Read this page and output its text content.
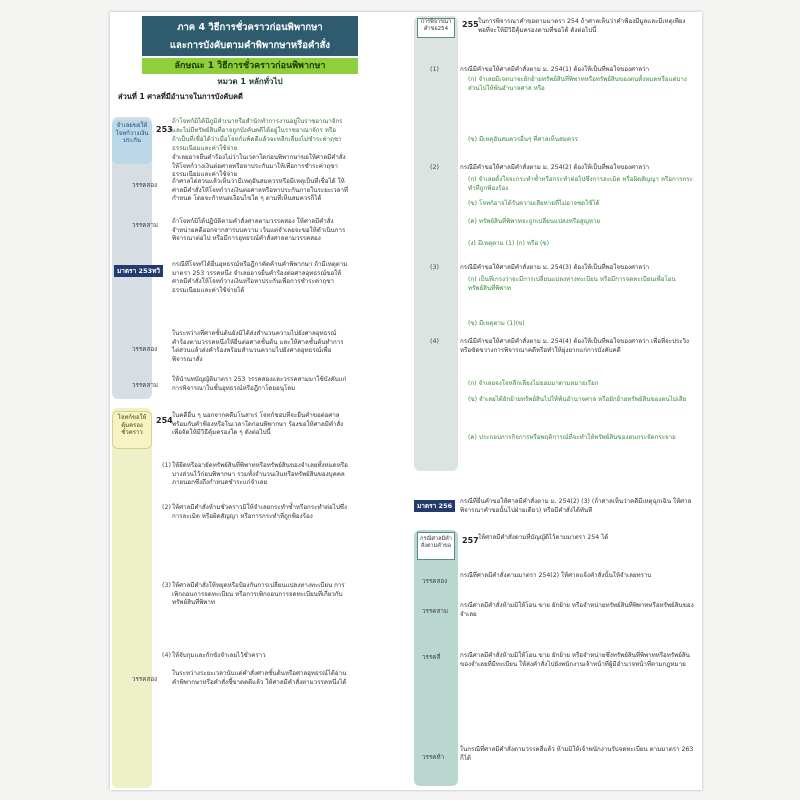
ภาค 4 วิธีการชั่วคราวก่อนพิพากษา
และการบังคับตามคำพิพากษาหรือคำสั่ง
ลักษณะ 1 วิธีการชั่วคราวก่อนพิพากษา
หมวด 1 หลักทั่วไป
ส่วนที่ 1 ศาลที่มีอำนาจในการบังคับคดี
จำเลยขอให้โจทก์วางเงินประกัน
253
ถ้าโจทก์มิได้มีภูมิลำเนาหรือสำนักทำการงานอยู่ในราชอาณาจักรและไม่มีทรัพย์สินที่อาจถูกบังคับคดีได้อยู่ในราชอาณาจักร หรือ
ถ้าเป็นที่เชื่อได้ว่าเมื่อโจทก์แพ้คดีแล้วจะหลีกเลี่ยงไม่ชำระค่าฤชาธรรมเนียมและค่าใช้จ่าย
จำเลยอาจยื่นคำร้องไม่ว่าในเวลาใดก่อนพิพากษาขอให้ศาลมีคำสั่งให้โจทก์วางเงินต่อศาลหรือหาประกันมาให้เพื่อการชำระค่าฤชาธรรมเนียมและค่าใช้จ่าย
วรรคสอง
ถ้าศาลไต่สวนแล้วเห็นว่ามีเหตุอันสมควรหรือมีเหตุเป็นที่เชื่อได้ ให้ศาลมีคำสั่งให้โจทก์วางเงินต่อศาลหรือหาประกันภายในระยะเวลาที่กำหนด โดยจะกำหนดเงื่อนไขใด ๆ ตามที่เห็นสมควรก็ได้
วรรคสาม
ถ้าโจทก์มิได้ปฏิบัติตามคำสั่งศาลตามวรรคสอง ให้ศาลมีคำสั่งจำหน่ายคดีออกจากสารบบความ เว้นแต่จำเลยจะขอให้ดำเนินการพิจารณาต่อไป หรือมีการอุทธรณ์คำสั่งศาลตามวรรคสอง
มาตรา 253ทวิ
กรณีที่โจทก์ได้ยื่นอุทธรณ์หรือฎีกาคัดค้านคำพิพากษา ถ้ามีเหตุตามมาตรา 253 วรรคหนึ่ง จำเลยอาจยื่นคำร้องต่อศาลอุทธรณ์ขอให้ศาลมีคำสั่งให้โจทก์วางเงินหรือหาประกันเพื่อการชำระค่าฤชาธรรมเนียมและค่าใช้จ่ายได้
วรรคสอง
ในระหว่างที่ศาลชั้นต้นยังมิได้ส่งสำนวนความไปยังศาลอุทธรณ์ คำร้องตามวรรคหนึ่งให้ยื่นต่อศาลชั้นต้น และให้ศาลชั้นต้นทำการไต่สวนแล้วส่งคำร้องพร้อมสำนวนความไปยังศาลอุทธรณ์เพื่อพิจารณาสั่ง
วรรคสาม
ให้นำบทบัญญัติมาตรา 253 วรรคสองและวรรคสามมาใช้บังคับแก่การพิจารณาในชั้นอุทธรณ์หรือฎีกาโดยอนุโลม
โจทก์ขอให้คุ้มครองชั่วคราว
254
ในคดีอื่น ๆ นอกจากคดีมโนสาเร่ โจทก์ชอบที่จะยื่นคำขอต่อศาลพร้อมกับคำฟ้องหรือในเวลาใดก่อนพิพากษา ร้องขอให้ศาลมีคำสั่งเพื่อจัดให้มีวิธีคุ้มครองใด ๆ ดังต่อไปนี้
(1) ให้ยึดหรืออายัดทรัพย์สินที่พิพาทหรือทรัพย์สินของจำเลยทั้งหมดหรือบางส่วนไว้ก่อนพิพากษา รวมทั้งจำนวนเงินหรือทรัพย์สินของบุคคลภายนอกซึ่งถึงกำหนดชำระแก่จำเลย
(2) ให้ศาลมีคำสั่งห้ามชั่วคราวมิให้จำเลยกระทำซ้ำหรือกระทำต่อไปซึ่งการละเมิด หรือผิดสัญญา หรือการกระทำที่ถูกฟ้องร้อง
(3) ให้ศาลมีคำสั่งให้หยุดหรือป้องกันการเปลี่ยนแปลงทางทะเบียน การเพิกถอนการจดทะเบียน หรือการเพิกถอนการจดทะเบียนที่เกี่ยวกับทรัพย์สินที่พิพาท
(4) ให้จับกุมและกักขังจำเลยไว้ชั่วคราว
วรรคสอง
ในระหว่างระยะเวลานับแต่คำสั่งศาลชั้นต้นหรือศาลอุทธรณ์ได้อ่านคำพิพากษาหรือคำสั่งชี้ขาดคดีแล้ว ให้ศาลมีคำสั่งตามวรรคหนึ่งได้
การพิจารณาคำขอ254	255 ในการพิจารณาคำขอตามมาตรา 254 ถ้าศาลเห็นว่าคำฟ้องมีมูลและมีเหตุเพียงพอที่จะให้มีวิธีคุ้มครองตามที่ขอได้ ดังต่อไปนี้
(1)	กรณีมีคำขอให้ศาลมีคำสั่งตาม ม. 254(1) ต้องให้เป็นที่พอใจของศาลว่า
(ก) จำเลยมีเจตนาจะยักย้ายทรัพย์สินที่พิพาทหรือทรัพย์สินของตนทั้งหมดหรือแต่บางส่วนไปให้พ้นอำนาจศาล หรือ
(ข) มีเหตุอันสมควรอื่นๆ ที่ศาลเห็นสมควร
(2)	กรณีมีคำขอให้ศาลมีคำสั่งตาม ม. 254(2) ต้องให้เป็นที่พอใจของศาลว่า
(ก) จำเลยตั้งใจจะกระทำซ้ำหรือกระทำต่อไปซึ่งการละเมิด หรือผิดสัญญา หรือการกระทำที่ถูกฟ้องร้อง
(ข) โจทก์อาจได้รับความเสียหายที่ไม่อาจชดใช้ได้
(ค) ทรัพย์สินที่พิพาทจะถูกเปลี่ยนแปลงหรือสูญหาย
(ง) มีเหตุตาม (1) (ก) หรือ (ข)
(3)	กรณีมีคำขอให้ศาลมีคำสั่งตาม ม. 254(3) ต้องให้เป็นที่พอใจของศาลว่า
(ก) เป็นที่เกรงว่าจะมีการเปลี่ยนแปลงทางทะเบียน หรือมีการจดทะเบียนเพื่อโอนทรัพย์สินที่พิพาท
(ข) มีเหตุตาม (1)(ข)
(4)	กรณีมีคำขอให้ศาลมีคำสั่งตาม ม. 254(4) ต้องให้เป็นที่พอใจของศาลว่า เพื่อที่จะประวิงหรือขัดขวางการพิจารณาคดีหรือทำให้ยุ่งยากแก่การบังคับคดี
(ก) จำเลยจงใจหลีกเลี่ยงไม่ยอมมาตามหมายเรียก
(ข) จำเลยได้ยักย้ายทรัพย์สินไปให้พ้นอำนาจศาล หรือยักย้ายทรัพย์สินของตนไปเสีย
(ค) ประกอบการกิจการหรือพฤติการณ์ที่จะทำให้ทรัพย์สินของตนกระจัดกระจาย
มาตรา 256
กรณีที่ยื่นคำขอให้ศาลมีคำสั่งตาม ม. 254(2) (3) (ถ้าศาลเห็นว่าคดีมีเหตุฉุกเฉิน ให้ศาลพิจารณาคำขอนั้นไปฝ่ายเดียว) หรือมีคำสั่งได้ทันที
กรณีศาลมีคำสั่งตามคำขอ
257 ให้ศาลมีคำสั่งตามที่บัญญัติไว้ตามมาตรา 254 ได้
วรรคสอง
กรณีที่ศาลมีคำสั่งตามมาตรา 254(2) ให้ศาลแจ้งคำสั่งนั้นให้จำเลยทราบ
วรรคสาม
กรณีศาลมีคำสั่งห้ามมิให้โอน ขาย ยักย้าย หรือจำหน่ายทรัพย์สินที่พิพาทหรือทรัพย์สินของจำเลย
วรรคสี่	กรณีศาลมีคำสั่งห้ามมิให้โอน ขาย ยักย้าย หรือจำหน่ายซึ่งทรัพย์สินที่พิพาทหรือทรัพย์สินของจำเลยที่มีทะเบียน ให้ส่งคำสั่งไปยังพนักงานเจ้าหน้าที่ผู้มีอำนาจหน้าที่ตามกฎหมาย
วรรคห้า
ในกรณีที่ศาลมีคำสั่งตามวรรคสี่แล้ว ห้ามมิให้เจ้าพนักงานรับจดทะเบียน ตามมาตรา 263 ก็ได้
